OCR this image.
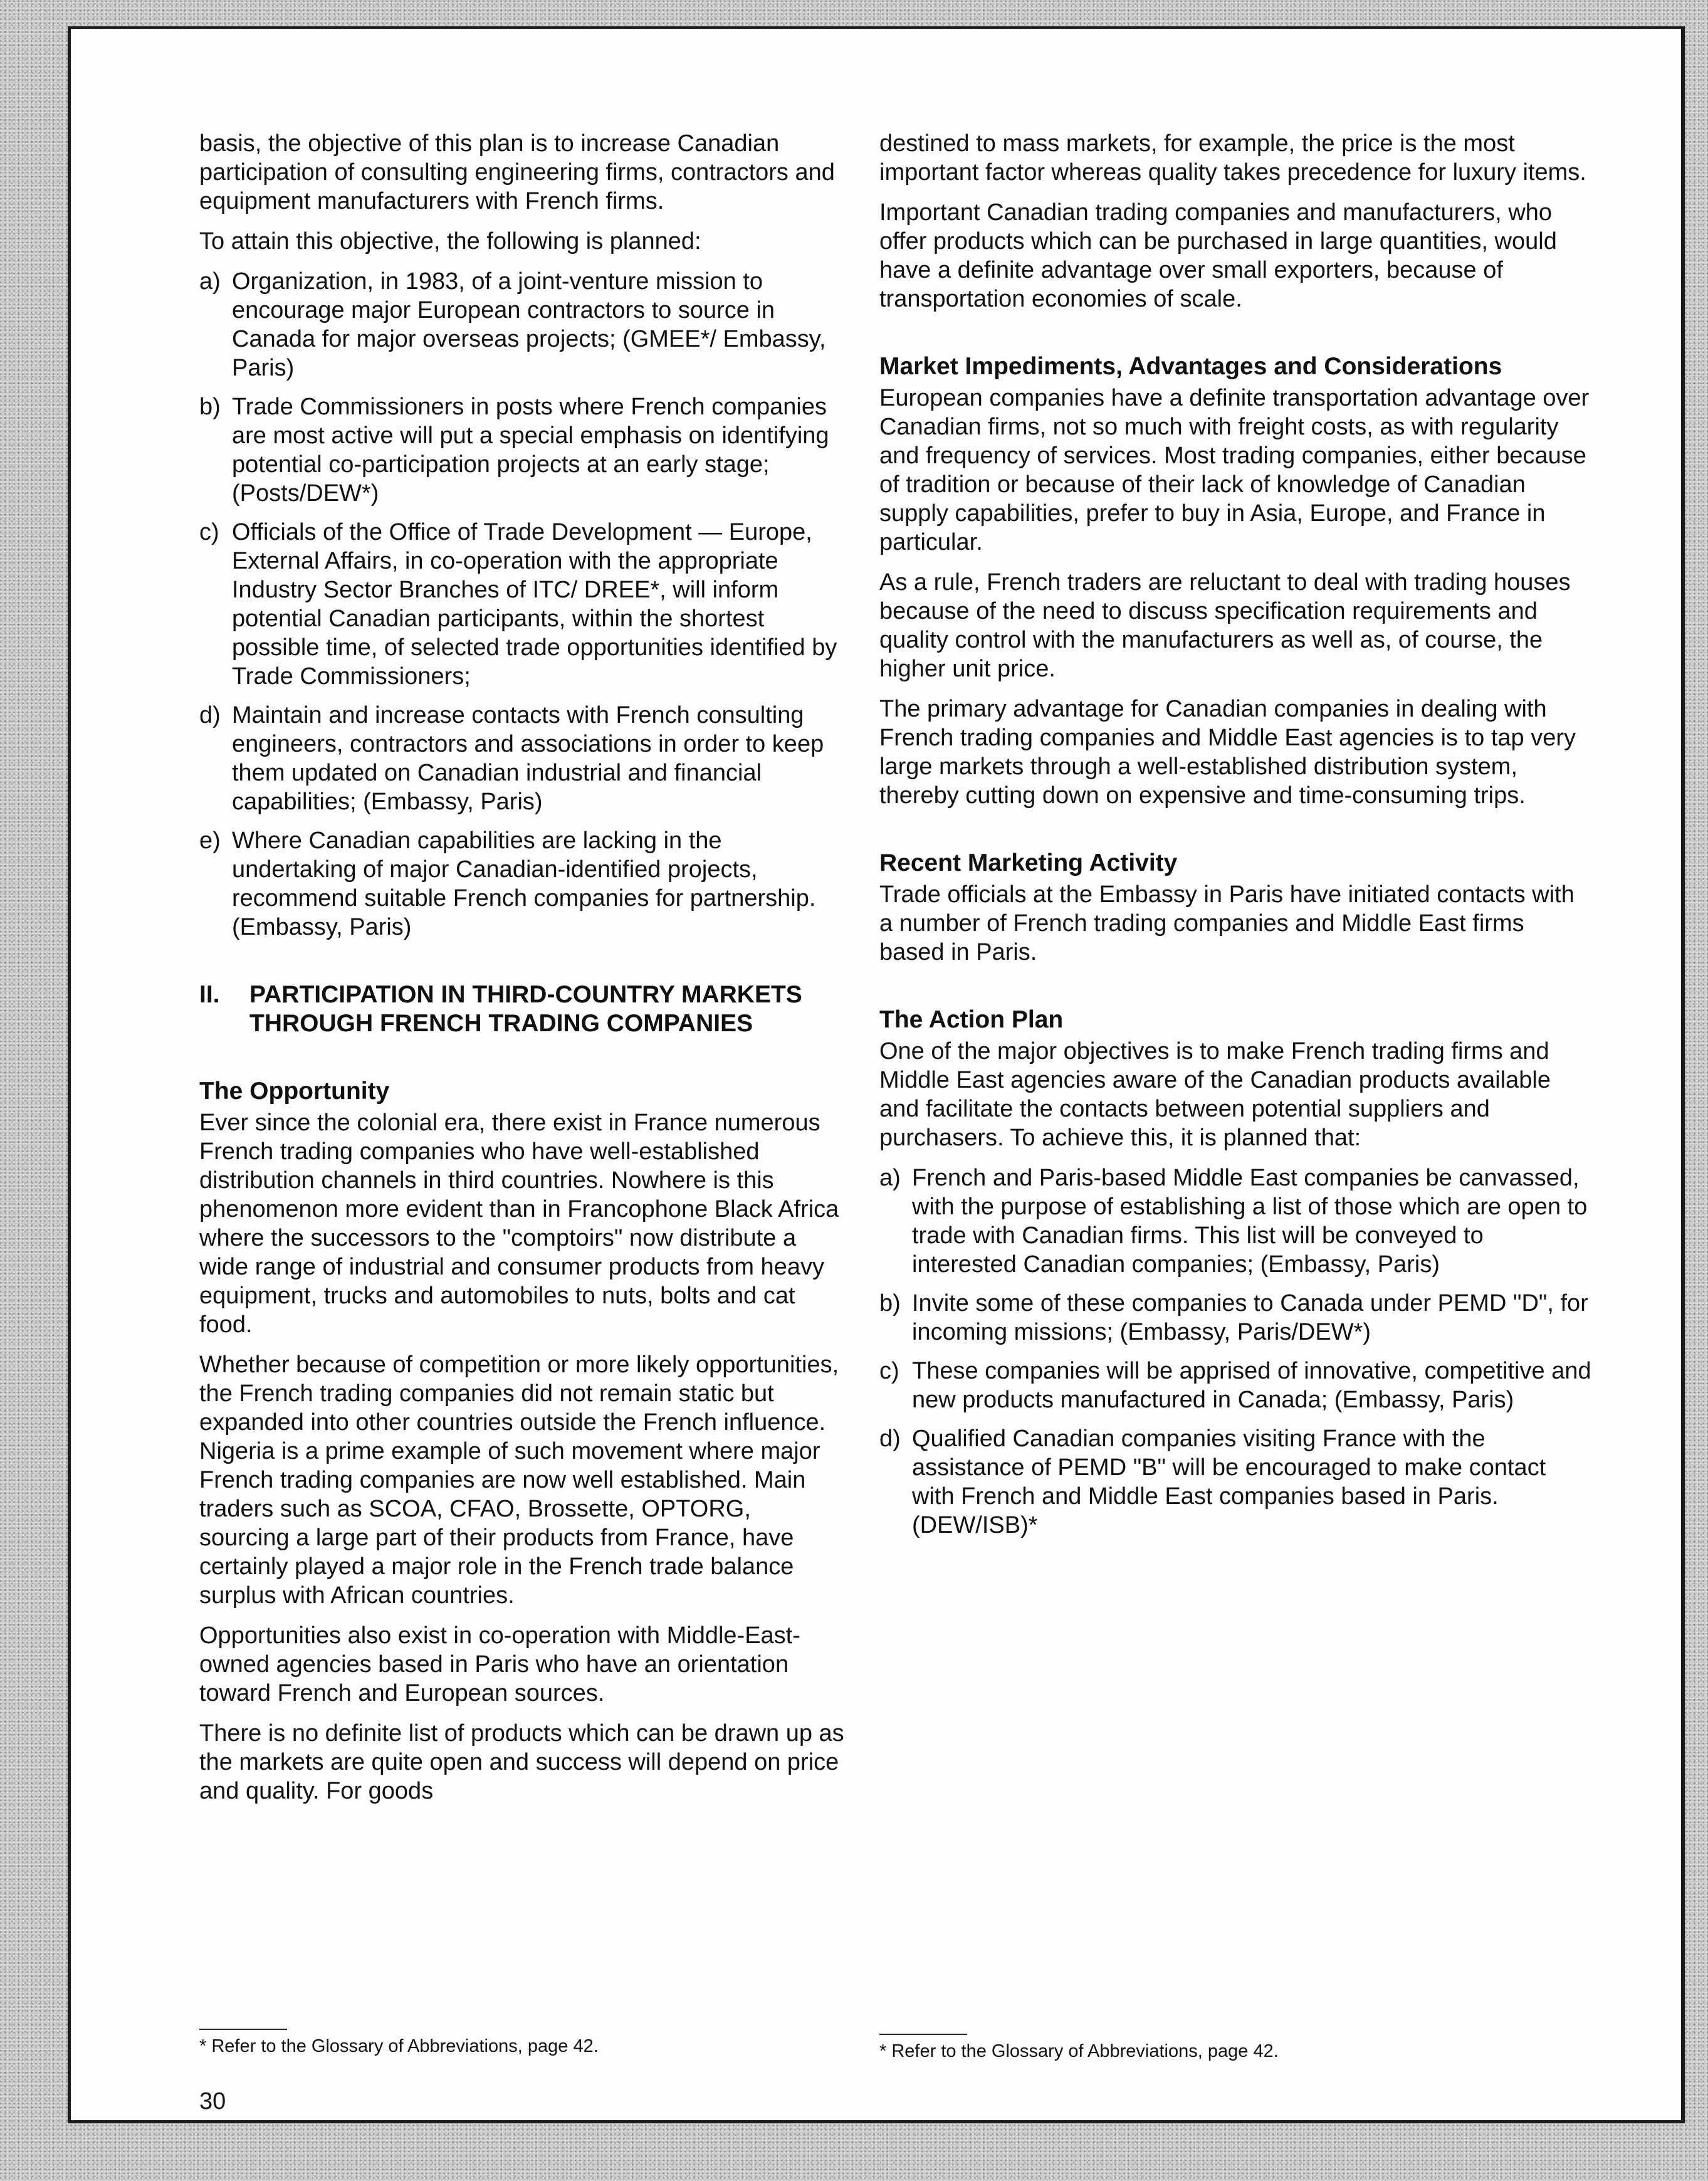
basis, the objective of this plan is to increase Canadian participation of consulting engineering firms, contractors and equipment manufacturers with French firms.

To attain this objective, the following is planned:

a) Organization, in 1983, of a joint-venture mission to encourage major European contractors to source in Canada for major overseas projects; (GMEE*/ Embassy, Paris)
b) Trade Commissioners in posts where French companies are most active will put a special emphasis on identifying potential co-participation projects at an early stage; (Posts/DEW*)
c) Officials of the Office of Trade Development — Europe, External Affairs, in co-operation with the appropriate Industry Sector Branches of ITC/ DREE*, will inform potential Canadian participants, within the shortest possible time, of selected trade opportunities identified by Trade Commissioners;
d) Maintain and increase contacts with French consulting engineers, contractors and associations in order to keep them updated on Canadian industrial and financial capabilities; (Embassy, Paris)
e) Where Canadian capabilities are lacking in the undertaking of major Canadian-identified projects, recommend suitable French companies for partnership. (Embassy, Paris)
II.	PARTICIPATION IN THIRD-COUNTRY MARKETS THROUGH FRENCH TRADING COMPANIES
The Opportunity

Ever since the colonial era, there exist in France numerous French trading companies who have well-established distribution channels in third countries. Nowhere is this phenomenon more evident than in Francophone Black Africa where the successors to the "comptoirs" now distribute a wide range of industrial and consumer products from heavy equipment, trucks and automobiles to nuts, bolts and cat food.

Whether because of competition or more likely opportunities, the French trading companies did not remain static but expanded into other countries outside the French influence. Nigeria is a prime example of such movement where major French trading companies are now well established. Main traders such as SCOA, CFAO, Brossette, OPTORG, sourcing a large part of their products from France, have certainly played a major role in the French trade balance surplus with African countries.

Opportunities also exist in co-operation with Middle-East-owned agencies based in Paris who have an orientation toward French and European sources.

There is no definite list of products which can be drawn up as the markets are quite open and success will depend on price and quality. For goods

destined to mass markets, for example, the price is the most important factor whereas quality takes precedence for luxury items.

Important Canadian trading companies and manufacturers, who offer products which can be purchased in large quantities, would have a definite advantage over small exporters, because of transportation economies of scale.

Market Impediments, Advantages and Considerations

European companies have a definite transportation advantage over Canadian firms, not so much with freight costs, as with regularity and frequency of services. Most trading companies, either because of tradition or because of their lack of knowledge of Canadian supply capabilities, prefer to buy in Asia, Europe, and France in particular.

As a rule, French traders are reluctant to deal with trading houses because of the need to discuss specification requirements and quality control with the manufacturers as well as, of course, the higher unit price.

The primary advantage for Canadian companies in dealing with French trading companies and Middle East agencies is to tap very large markets through a well-established distribution system, thereby cutting down on expensive and time-consuming trips.

Recent Marketing Activity

Trade officials at the Embassy in Paris have initiated contacts with a number of French trading companies and Middle East firms based in Paris.

The Action Plan

One of the major objectives is to make French trading firms and Middle East agencies aware of the Canadian products available and facilitate the contacts between potential suppliers and purchasers. To achieve this, it is planned that:

a) French and Paris-based Middle East companies be canvassed, with the purpose of establishing a list of those which are open to trade with Canadian firms. This list will be conveyed to interested Canadian companies; (Embassy, Paris)
b) Invite some of these companies to Canada under PEMD "D", for incoming missions; (Embassy, Paris/DEW*)
c) These companies will be apprised of innovative, competitive and new products manufactured in Canada; (Embassy, Paris)
d) Qualified Canadian companies visiting France with the assistance of PEMD "B" will be encouraged to make contact with French and Middle East companies based in Paris. (DEW/ISB)*
* Refer to the Glossary of Abbreviations, page 42.	* Refer to the Glossary of Abbreviations, page 42.
30
